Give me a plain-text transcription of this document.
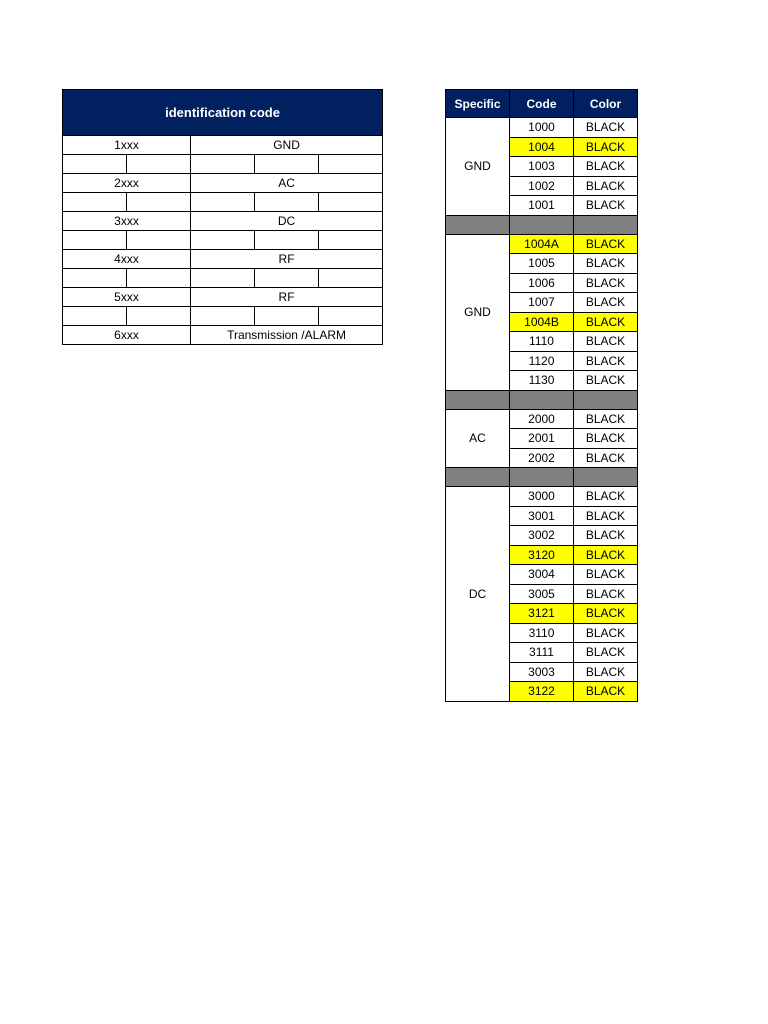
identification code				
1xxx		GND		

2xxx		AC		

3xxx		DC		

4xxx		RF		

5xxx		RF		

6xxx		Transmission /ALARM		
Specific	Code	Color
GND	1000	BLACK
	1004	BLACK
	1003	BLACK
	1002	BLACK
	1001	BLACK

GND	1004A	BLACK
	1005	BLACK
	1006	BLACK
	1007	BLACK
	1004B	BLACK
	1110	BLACK
	1120	BLACK
	1130	BLACK

AC	2000	BLACK
	2001	BLACK
	2002	BLACK

DC	3000	BLACK
	3001	BLACK
	3002	BLACK
	3120	BLACK
	3004	BLACK
	3005	BLACK
	3121	BLACK
	3110	BLACK
	3111	BLACK
	3003	BLACK
	3122	BLACK
